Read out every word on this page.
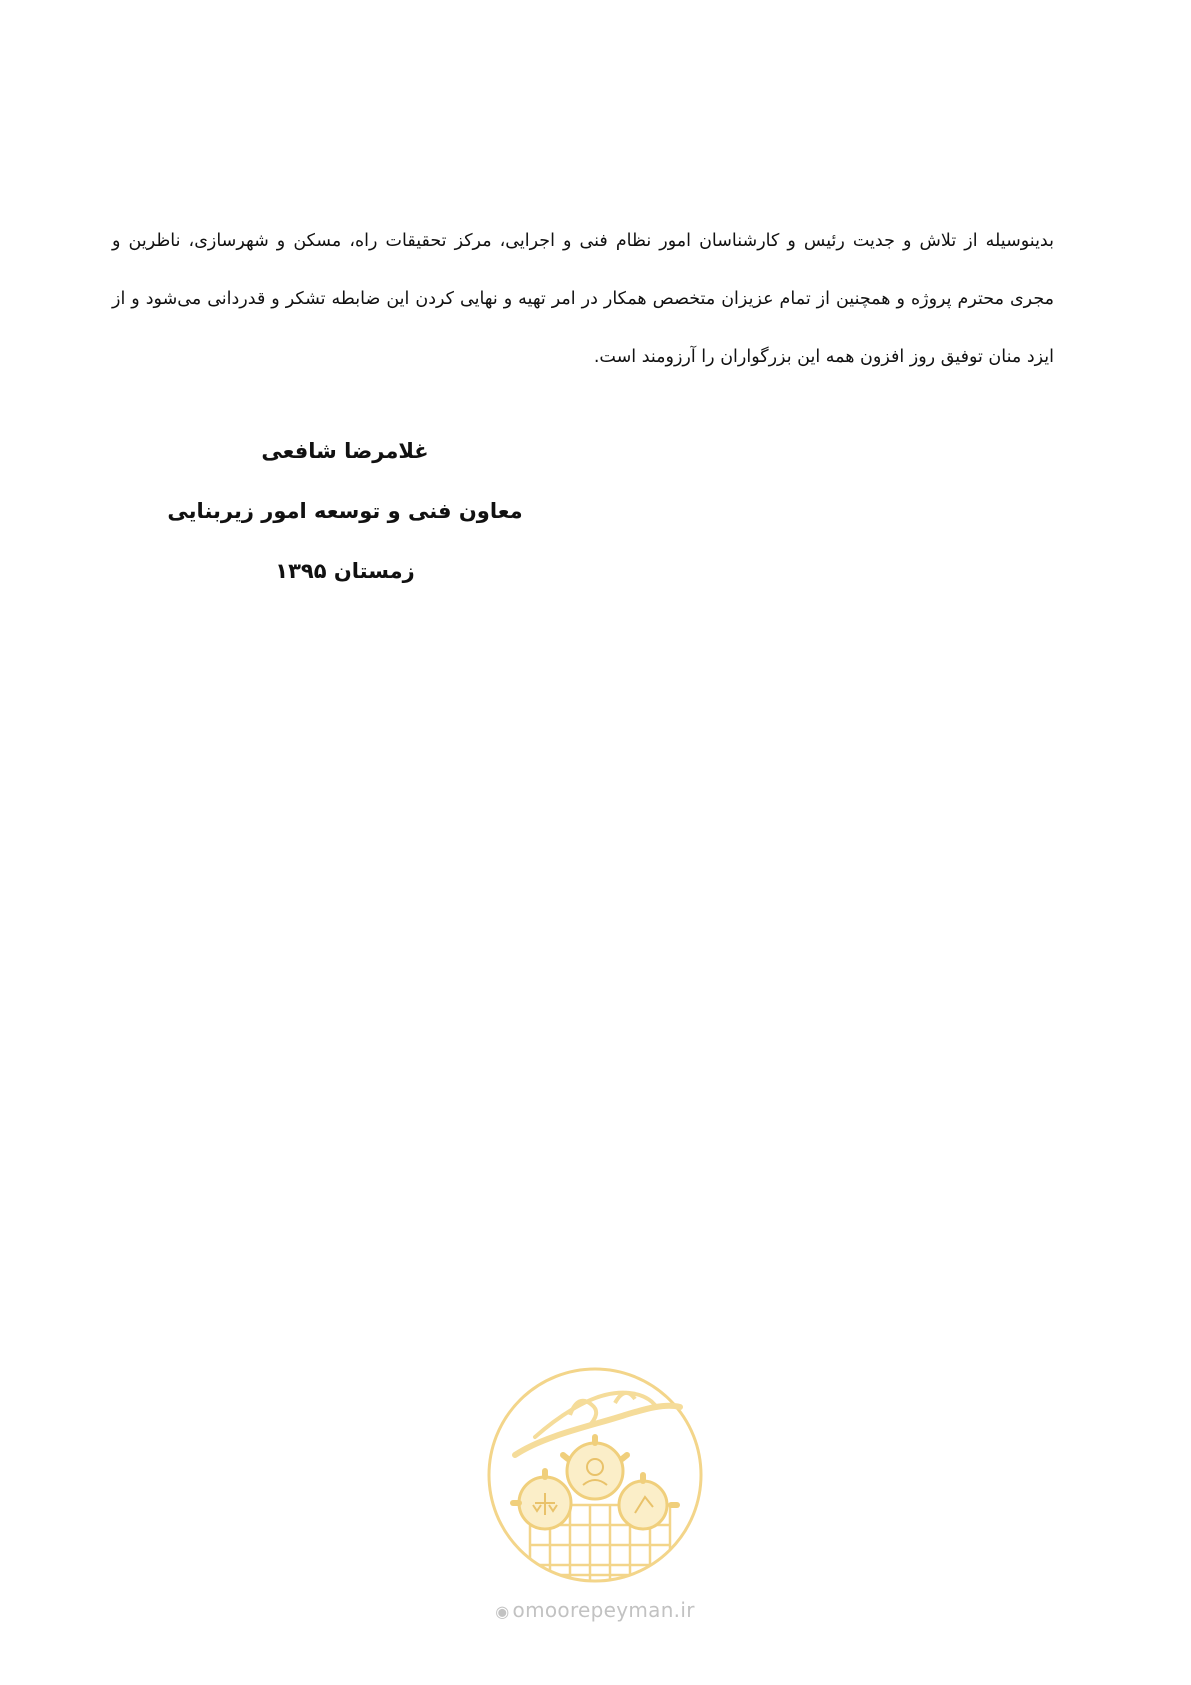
بدینوسیله از تلاش و جدیت رئیس و کارشناسان امور نظام فنی و اجرایی، مرکز تحقیقات راه، مسکن و شهرسازی، ناظرین و
مجری محترم پروژه و همچنین از تمام عزیزان متخصص همکار در امر تهیه و نهایی کردن این ضابطه تشکر و قدردانی می‌شود و از
ایزد منان توفیق روز افزون همه این بزرگواران را آرزومند است.

غلامرضا شافعی
معاون فنی و توسعه امور زیربنایی
زمستان ۱۳۹۵
◉ omoorepeyman.ir
